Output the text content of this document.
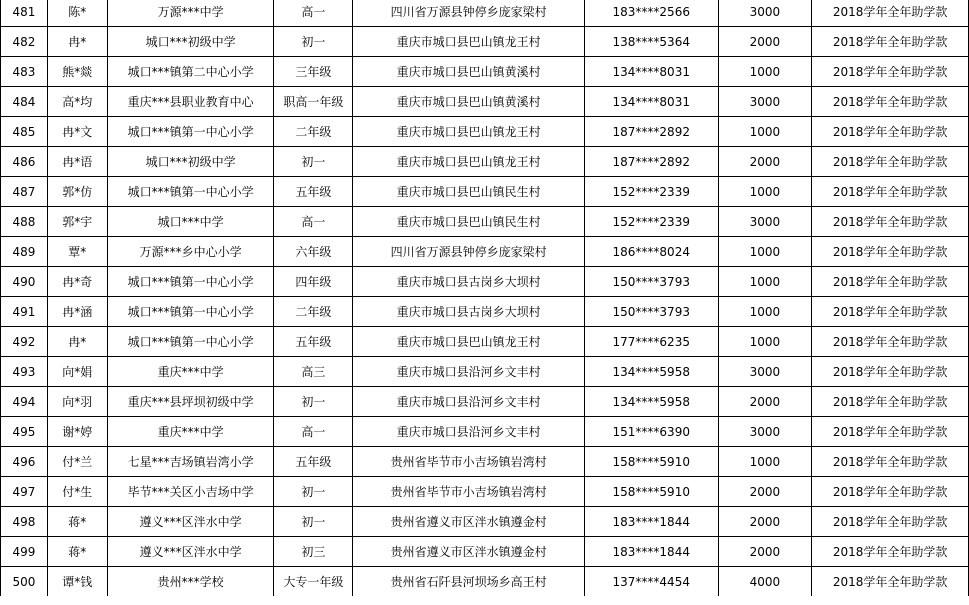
481	陈*	万源***中学	高一	四川省万源县钟停乡庞家梁村	183****2566	3000	2018学年全年助学款
482	冉*	城口***初级中学	初一	重庆市城口县巴山镇龙王村	138****5364	2000	2018学年全年助学款
483	熊*燚	城口***镇第二中心小学	三年级	重庆市城口县巴山镇黄溪村	134****8031	1000	2018学年全年助学款
484	高*均	重庆***县职业教育中心	职高一年级	重庆市城口县巴山镇黄溪村	134****8031	3000	2018学年全年助学款
485	冉*文	城口***镇第一中心小学	二年级	重庆市城口县巴山镇龙王村	187****2892	1000	2018学年全年助学款
486	冉*语	城口***初级中学	初一	重庆市城口县巴山镇龙王村	187****2892	2000	2018学年全年助学款
487	郭*仿	城口***镇第一中心小学	五年级	重庆市城口县巴山镇民生村	152****2339	1000	2018学年全年助学款
488	郭*宇	城口***中学	高一	重庆市城口县巴山镇民生村	152****2339	3000	2018学年全年助学款
489	覃*	万源***乡中心小学	六年级	四川省万源县钟停乡庞家梁村	186****8024	1000	2018学年全年助学款
490	冉*奇	城口***镇第一中心小学	四年级	重庆市城口县古岗乡大坝村	150****3793	1000	2018学年全年助学款
491	冉*涵	城口***镇第一中心小学	二年级	重庆市城口县古岗乡大坝村	150****3793	1000	2018学年全年助学款
492	冉*	城口***镇第一中心小学	五年级	重庆市城口县巴山镇龙王村	177****6235	1000	2018学年全年助学款
493	向*娟	重庆***中学	高三	重庆市城口县沿河乡文丰村	134****5958	3000	2018学年全年助学款
494	向*羽	重庆***县坪坝初级中学	初一	重庆市城口县沿河乡文丰村	134****5958	2000	2018学年全年助学款
495	谢*婷	重庆***中学	高一	重庆市城口县沿河乡文丰村	151****6390	3000	2018学年全年助学款
496	付*兰	七星***吉场镇岩湾小学	五年级	贵州省毕节市小吉场镇岩湾村	158****5910	1000	2018学年全年助学款
497	付*生	毕节***关区小吉场中学	初一	贵州省毕节市小吉场镇岩湾村	158****5910	2000	2018学年全年助学款
498	蒋*	遵义***区泮水中学	初一	贵州省遵义市区泮水镇遵金村	183****1844	2000	2018学年全年助学款
499	蒋*	遵义***区泮水中学	初三	贵州省遵义市区泮水镇遵金村	183****1844	2000	2018学年全年助学款
500	谭*钱	贵州***学校	大专一年级	贵州省石阡县河坝场乡高王村	137****4454	4000	2018学年全年助学款
